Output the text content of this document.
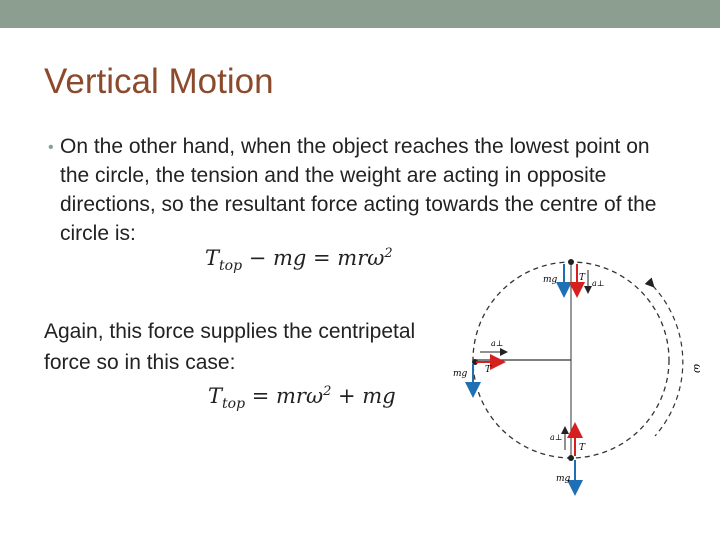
Vertical Motion
• On the other hand, when the object reaches the lowest point on the circle, the tension and the weight are acting in opposite directions, so the resultant force acting towards the centre of the circle is:
$T_{top}$ − mg = mrω$^2$
Again, this force supplies the centripetal force so in this case:
$T_{top} = mr\omega^2$ + mg
ω
mg T
a⊥
mg T
a⊥
mg
T
a⊥
